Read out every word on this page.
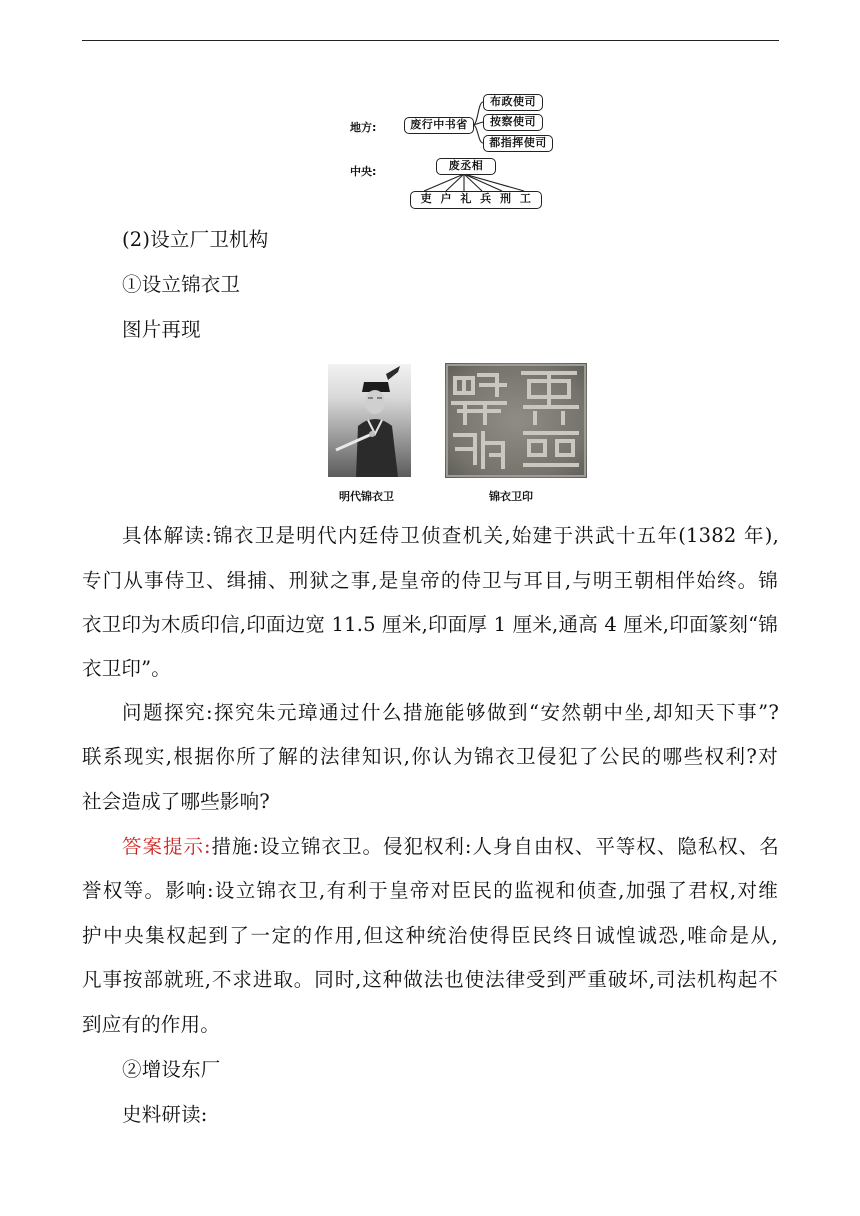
地方:
中央:
废行中书省
布政使司
按察使司
都指挥使司
废丞相
吏 户 礼 兵 刑 工
(2)设立厂卫机构
①设立锦衣卫
图片再现
明代锦衣卫	锦衣卫印
具体解读:锦衣卫是明代内廷侍卫侦查机关,始建于洪武十五年(1382 年),
专门从事侍卫、缉捕、刑狱之事,是皇帝的侍卫与耳目,与明王朝相伴始终。锦
衣卫印为木质印信,印面边宽 11.5 厘米,印面厚 1 厘米,通高 4 厘米,印面篆刻“锦
衣卫印”。
问题探究:探究朱元璋通过什么措施能够做到“安然朝中坐,却知天下事”?
联系现实,根据你所了解的法律知识,你认为锦衣卫侵犯了公民的哪些权利?对
社会造成了哪些影响?
答案提示:措施:设立锦衣卫。侵犯权利:人身自由权、平等权、隐私权、名
誉权等。影响:设立锦衣卫,有利于皇帝对臣民的监视和侦查,加强了君权,对维
护中央集权起到了一定的作用,但这种统治使得臣民终日诚惶诚恐,唯命是从,
凡事按部就班,不求进取。同时,这种做法也使法律受到严重破坏,司法机构起不
到应有的作用。
②增设东厂
史料研读:
